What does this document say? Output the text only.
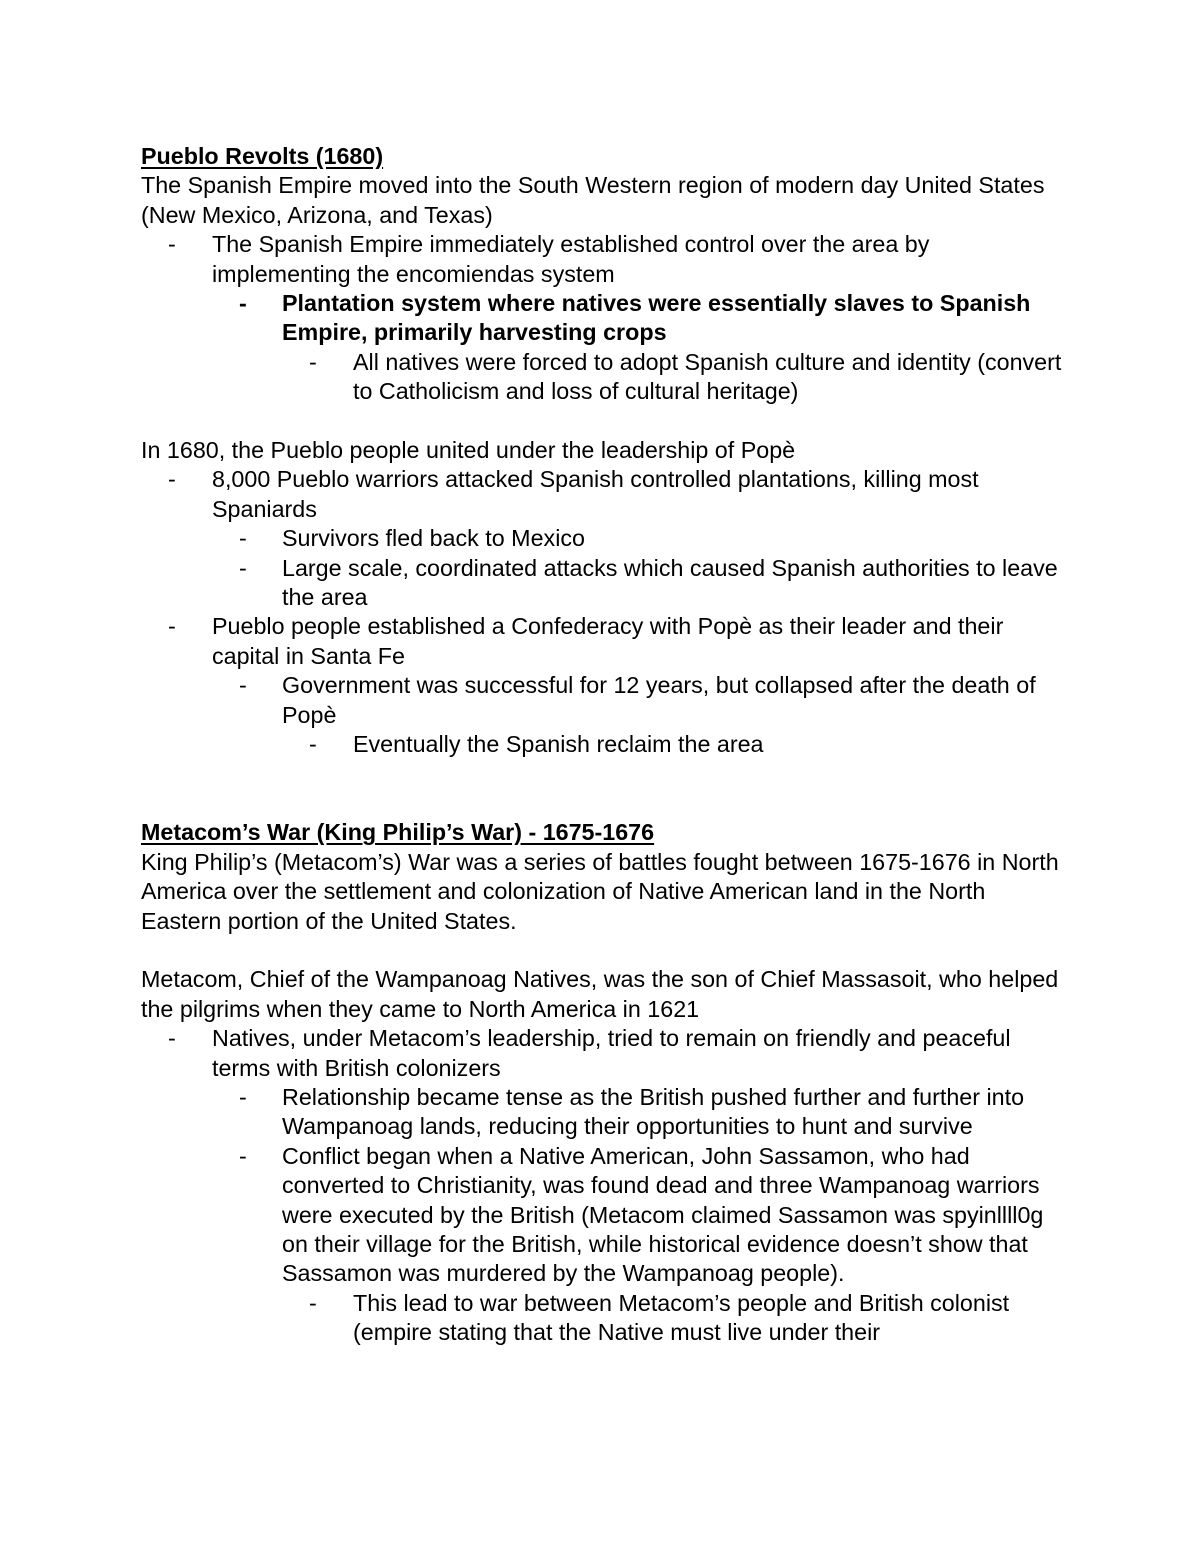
Pueblo Revolts (1680)
The Spanish Empire moved into the South Western region of modern day United States (New Mexico, Arizona, and Texas)
- The Spanish Empire immediately established control over the area by implementing the encomiendas system
- Plantation system where natives were essentially slaves to Spanish Empire, primarily harvesting crops
- All natives were forced to adopt Spanish culture and identity (convert to Catholicism and loss of cultural heritage)
In 1680, the Pueblo people united under the leadership of Popè
- 8,000 Pueblo warriors attacked Spanish controlled plantations, killing most Spaniards
- Survivors fled back to Mexico
- Large scale, coordinated attacks which caused Spanish authorities to leave the area
- Pueblo people established a Confederacy with Popè as their leader and their capital in Santa Fe
- Government was successful for 12 years, but collapsed after the death of Popè
- Eventually the Spanish reclaim the area
Metacom’s War (King Philip’s War) - 1675-1676
King Philip’s (Metacom’s) War was a series of battles fought between 1675-1676 in North America over the settlement and colonization of Native American land in the North Eastern portion of the United States.
Metacom, Chief of the Wampanoag Natives, was the son of Chief Massasoit, who helped the pilgrims when they came to North America in 1621
- Natives, under Metacom’s leadership, tried to remain on friendly and peaceful terms with British colonizers
- Relationship became tense as the British pushed further and further into Wampanoag lands, reducing their opportunities to hunt and survive
- Conflict began when a Native American, John Sassamon, who had converted to Christianity, was found dead and three Wampanoag warriors were executed by the British (Metacom claimed Sassamon was spyinllll0g on their village for the British, while historical evidence doesn’t show that Sassamon was murdered by the Wampanoag people).
- This lead to war between Metacom’s people and British colonist (empire stating that the Native must live under their
